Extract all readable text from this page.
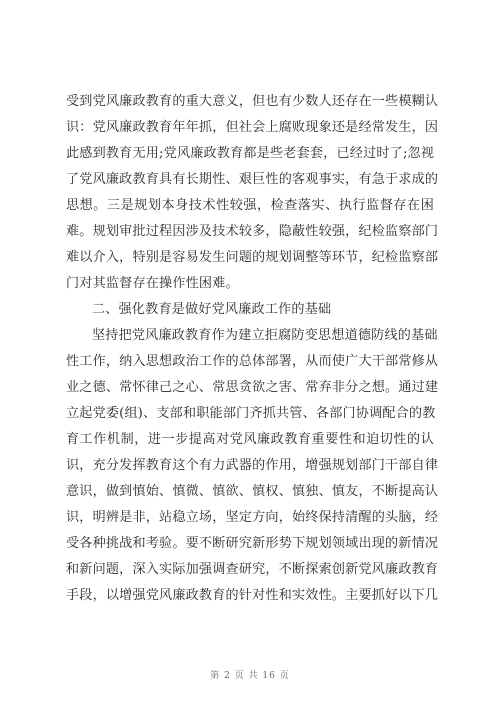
受到党风廉政教育的重大意义，但也有少数人还存在一些模糊认
识：党风廉政教育年年抓，但社会上腐败现象还是经常发生，因
此感到教育无用;党风廉政教育都是些老套套，已经过时了;忽视
了党风廉政教育具有长期性、艰巨性的客观事实，有急于求成的
思想。三是规划本身技术性较强，检查落实、执行监督存在困
难。规划审批过程因涉及技术较多，隐蔽性较强，纪检监察部门
难以介入，特别是容易发生问题的规划调整等环节，纪检监察部
门对其监督存在操作性困难。
二、强化教育是做好党风廉政工作的基础
坚持把党风廉政教育作为建立拒腐防变思想道德防线的基础
性工作，纳入思想政治工作的总体部署，从而使广大干部常修从
业之德、常怀律己之心、常思贪欲之害、常弃非分之想。通过建
立起党委(组)、支部和职能部门齐抓共管、各部门协调配合的教
育工作机制，进一步提高对党风廉政教育重要性和迫切性的认
识，充分发挥教育这个有力武器的作用，增强规划部门干部自律
意识，做到慎始、慎微、慎欲、慎权、慎独、慎友，不断提高认
识，明辨是非，站稳立场，坚定方向，始终保持清醒的头脑，经
受各种挑战和考验。要不断研究新形势下规划领域出现的新情况
和新问题，深入实际加强调查研究，不断探索创新党风廉政教育
手段，以增强党风廉政教育的针对性和实效性。主要抓好以下几
第 2 页 共 16 页
